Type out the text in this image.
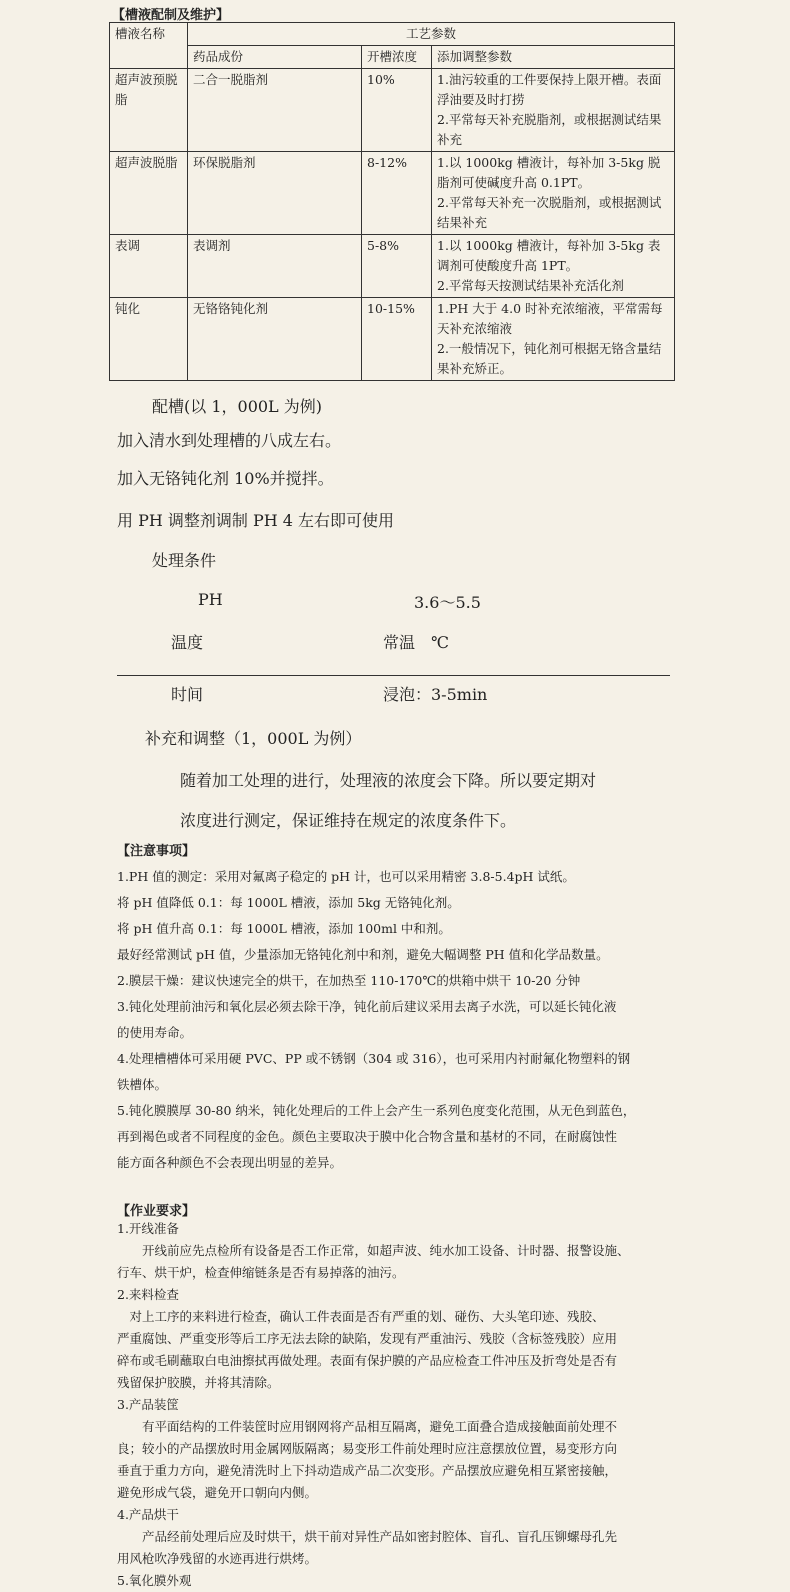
【槽液配制及维护】
槽液名称	工艺参数		
	药品成份	开槽浓度	添加调整参数
超声波预脱脂	二合一脱脂剂	10%	1.油污较重的工件要保持上限开槽。表面浮油要及时打捞
2.平常每天补充脱脂剂，或根据测试结果补充

超声波脱脂	环保脱脂剂	8-12%	1.以 1000kg 槽液计，每补加 3-5kg 脱脂剂可使碱度升高 0.1PT。
2.平常每天补充一次脱脂剂，或根据测试结果补充

表调	表调剂	5-8%	1.以 1000kg 槽液计，每补加 3-5kg 表调剂可使酸度升高 1PT。
2.平常每天按测试结果补充活化剂

钝化	无铬铬钝化剂	10-15%	1.PH 大于 4.0 时补充浓缩液，平常需每天补充浓缩液
2.一般情况下，钝化剂可根据无铬含量结果补充矫正。
配槽(以 1，000L 为例)
加入清水到处理槽的八成左右。
加入无铬钝化剂 10%并搅拌。
用 PH 调整剂调制 PH 4 左右即可使用
处理条件
PH	3.6～5.5
温度	常温　℃
时间	浸泡：3-5min
补充和调整（1，000L 为例）
随着加工处理的进行，处理液的浓度会下降。所以要定期对
浓度进行测定，保证维持在规定的浓度条件下。
【注意事项】
1.PH 值的测定：采用对氟离子稳定的 pH 计，也可以采用精密 3.8-5.4pH 试纸。
将 pH 值降低 0.1：每 1000L 槽液，添加 5kg 无铬钝化剂。
将 pH 值升高 0.1：每 1000L 槽液，添加 100ml 中和剂。
最好经常测试 pH 值，少量添加无铬钝化剂中和剂，避免大幅调整 PH 值和化学品数量。
2.膜层干燥：建议快速完全的烘干，在加热至 110-170℃的烘箱中烘干 10-20 分钟
3.钝化处理前油污和氧化层必须去除干净，钝化前后建议采用去离子水洗，可以延长钝化液
的使用寿命。
4.处理槽槽体可采用硬 PVC、PP 或不锈钢（304 或 316），也可采用内衬耐氟化物塑料的钢
铁槽体。
5.钝化膜膜厚 30-80 纳米，钝化处理后的工件上会产生一系列色度变化范围，从无色到蓝色，
再到褐色或者不同程度的金色。颜色主要取决于膜中化合物含量和基材的不同，在耐腐蚀性
能方面各种颜色不会表现出明显的差异。
【作业要求】
1.开线准备
　　开线前应先点检所有设备是否工作正常，如超声波、纯水加工设备、计时器、报警设施、
行车、烘干炉，检查伸缩链条是否有易掉落的油污。
2.来料检查
　对上工序的来料进行检查，确认工件表面是否有严重的划、碰伤、大头笔印迹、残胶、
严重腐蚀、严重变形等后工序无法去除的缺陷，发现有严重油污、残胶（含标签残胶）应用
碎布或毛刷蘸取白电油擦拭再做处理。表面有保护膜的产品应检查工件冲压及折弯处是否有
残留保护胶膜，并将其清除。
3.产品装筐
　　有平面结构的工件装筐时应用钢网将产品相互隔离，避免工面叠合造成接触面前处理不
良；较小的产品摆放时用金属网版隔离；易变形工件前处理时应注意摆放位置，易变形方向
垂直于重力方向，避免清洗时上下抖动造成产品二次变形。产品摆放应避免相互紧密接触，
避免形成气袋，避免开口朝向内侧。
4.产品烘干
　　产品经前处理后应及时烘干，烘干前对异性产品如密封腔体、盲孔、盲孔压铆螺母孔先
用风枪吹净残留的水迹再进行烘烤。
5.氧化膜外观
